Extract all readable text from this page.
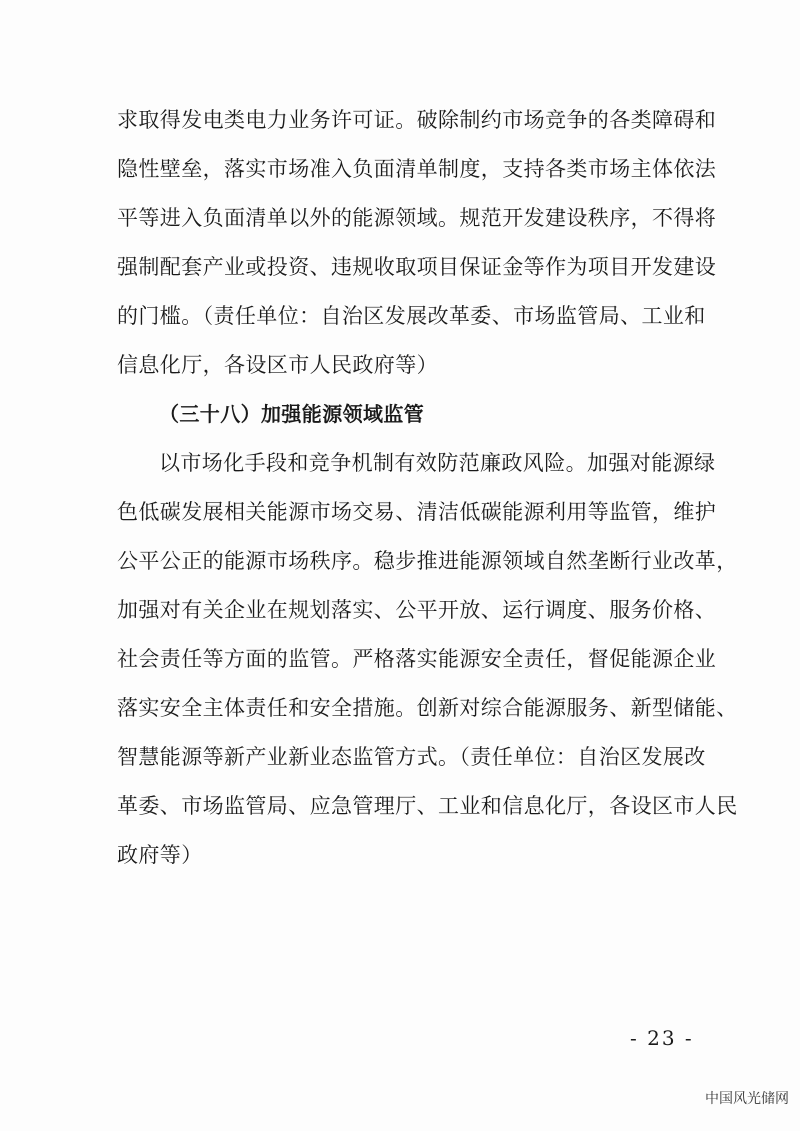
求取得发电类电力业务许可证。破除制约市场竞争的各类障碍和
隐性壁垒，落实市场准入负面清单制度，支持各类市场主体依法
平等进入负面清单以外的能源领域。规范开发建设秩序，不得将
强制配套产业或投资、违规收取项目保证金等作为项目开发建设
的门槛。（责任单位：自治区发展改革委、市场监管局、工业和
信息化厅，各设区市人民政府等）
（三十八）加强能源领域监管
以市场化手段和竞争机制有效防范廉政风险。加强对能源绿
色低碳发展相关能源市场交易、清洁低碳能源利用等监管，维护
公平公正的能源市场秩序。稳步推进能源领域自然垄断行业改革，
加强对有关企业在规划落实、公平开放、运行调度、服务价格、
社会责任等方面的监管。严格落实能源安全责任，督促能源企业
落实安全主体责任和安全措施。创新对综合能源服务、新型储能、
智慧能源等新产业新业态监管方式。（责任单位：自治区发展改
革委、市场监管局、应急管理厅、工业和信息化厅，各设区市人民
政府等）
- 23 -
中国风光储网
